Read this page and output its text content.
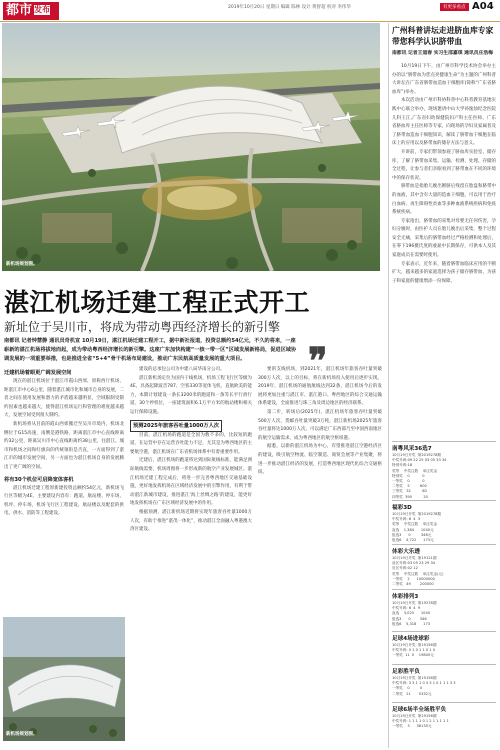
都市 发布	2019年10月20日 星期日 编辑 陈林 设计 黄智超 校对 李伟华	有更多看点 A04
新机场规划图。
湛江机场迁建工程正式开工
新址位于吴川市，将成为带动粤西经济增长的新引擎
南都讯 记者钟慧静 通讯员奇机宣 10月19日，湛江机场迁建工程开工，据中新社报道，投资总额约54亿元，不久的将来，一座崭新的湛江机场将拔地而起，成为带动粤西经济增长的新引擎。这座广东加快构建“一核一带一区”区域发展新格局，促进区域协调发展的一项重要举措，也是推进全省“5+4”骨干机场布局建设，推动广东民航高质量发展的重大项目。	❞

迁建机场着眼更广阔发展空间

现在的湛江机场位于湛江市霞山西郊，原称西厅机场，距湛江市中心6公里，随着湛江城市化和城市自身的发展，二者之间在使用发展和潜力的矛盾越来越明显，空域限制受制约因素也越来越大，使得湛江机场运行和管理的难度越来越大，发展空间受到很大制约。

新机场将从目前的霞山西郊搬迁至吴川市境内，机场北侧位于G15高速，南侧是港铁路，距离湛江市中心直线距离约32公里，距离吴川市中心直线距离约38公里，往湛江、城市和机场之间和红旗向的传统领衔是否直，一方面得到了湛江市的城市发展空间，另一方面也为湛江机场自身的发展腾出了更广阔的空间。

将有30个机位可启降宽体客机

湛江机场迁建工程原新建投资总额约54亿元，新机场飞行区等级为4E，主要建设内容有：跑道、航站楼、停车场、机坪、停车场，机场飞行区工程建设，航站楼以及配套的供电、供水、消防等工程建设。

新机场规划图。

建设的总承包公司为中建八局华南分公司。

湛江新机场定位为国内干线机场，机场工程飞行区等级为4E，具备起降波音787、空客330等宽体飞机，直航欧美的能力，本期计划建设一条长3200米的跑道和一条等长平行滑行道，30个停机位，一座建筑面积6.1万平方米的航站楼和相关运行保障设施。

预测2025年旅客吞吐量1000万人次

目前，湛江机场的跑道是全国为数不多的，比较短的跑道，在运营中存在运营吞吐能力不足，尤其是为粤西地区的主要航空港，湛江机场在广东省机场体系中有着重要作用。

迁建后，湛江机场的跑道将达到国际航线标准，能满足洲际航线需要，机场周围将一步形成新的航空产业发展城区。湛江机场迁建工程完成后，将进一步完善粤西地区交通基础设施，更好地发挥机场在区域经济发展中的引擎作用，有利于带动湛江新城市建设，推进湛江‘海上丝绸之路’的建设，能更好地发挥机场在广东区域经济发展中的作用。

根据预测，湛江新机场近期将实现年旅客吞吐量1000万人次，有助于推进“湛茂一体化”，推动湛江全面融入粤港澳大湾区建设。

要的支线机场，到2021年，湛江机场年旅客吞吐量突破300万人次，以上的目标，将在新机场投入使用后逐步实现。2019年，湛江机场的通航航线达到32条，湛江机场今后的发展将更加注重与湛江市、湛江港口、粤西地区的综合交通运输体系建设，全面推进与珠三角及周边地区的经济联系。

第二步，转场后(2025年)，湛江机场年旅客吞吐量突破500万人次，货邮吞吐量突破3万吨，湛江新机场2025年旅客吞吐量将达1000万人次，可以满足广东西部乃至中国西南地区的航空运输需求，成为粤西地区的航空枢纽港。

据悉，以新的湛江机场为中心，有望推进湛江空港经济区的建设，吸引航空物流、临空制造、商贸会展等产业集聚，将进一步推动湛江经济的发展，打造粤西地区现代化综合交通枢纽。

广州科普讲坛走进脐血库专家带您科学认识脐带血
南都讯 记者王道春 实习生邵嘉琪 通讯员庄浩梅

10月19日下午，由广州市科学技术协会举办主办的以“脐带血为您点亮健康生命”为主题的广州科普大讲坛在广东省脐带血造血干细胞库(简称“广东省脐血库”)举办。

本次活动由广州市科协科普中心科普教育基地实践中心联合举办，现场邀请中山大学孙逸仙纪念医院儿科王江,广东省妇幼保健院妇产科主任医师、广东省脐血库主任医师等专家，向现场的孕妇及家属普及了脐带血造血干细胞知识，解读了脐带血干细胞在临床上的应用以及脐带血的储存方法与意义。

开讲前，专家们带领参观了脐血库实验室、储存库，了解了脐带血采集、运输、检测、处理、存储的全过程，让参与者们亲眼看到了脐带血在不同的环境中的保存状况。

脐带血是指胎儿娩出断脐后残留在胎盘和脐带中的血液，其中含有大量的造血干细胞，可以用于治疗白血病、再生障碍性贫血等多种血液系统疾病和免疫系统疾病。

专家指出，脐带血的采集对母婴无任何伤害，孕妇分娩时，由医护人员在胎儿娩出后采集，整个过程安全无痛，采集后的脐带血经过严格检测和处理后，在零下196摄氏度的液氮中长期保存，可供本人及其家庭成员在需要时使用。

专家表示，近年来，随着脐带血临床应用的不断扩大，越来越多的家庭选择为孩子储存脐带血，为孩子和家庭的健康增添一份保障。

南粤风采36选7
10月19日开奖  第2019278期
中奖号码:09 22 25 03 05 33 34
特别号码:18
奖等    中奖注数    单注奖金
特别奖    0           0
一等奖    0           0
二等奖    5         600
三等奖   32          80
四等奖  390          20
福彩3D
10月19日开奖  第2019278期
中奖号码: 8  4  3
奖等    中奖注数    单注奖金
直选    1,384      1040元
组选3      0         346元
组选6    4,722      173元
体彩大乐透
10月19日开奖  第19121期
前区号码:03 05 23 29 34
后区号码:02 12
奖等    中奖注数    单注奖金(元)
一等奖    2      10000000
二等奖   49        200000
体彩排列3
10月19日开奖  第19278期
中奖号码: 6  4  9
直选    3,025      1040
组选3      0        346
组选6    5,318      173
足球4场进球彩
10月19日开奖  第19156期
中奖号码: 0 1 0 1 1 0 1 0
一等奖  11  0    19800元
足彩胜平负
10月19日开奖  第19158期
中奖号码: 3 3 1 1 0 3 3 1 0 1 1 1 3 3
一等奖    0         0
二等奖   21       5332元
足球6场半全场胜平负
10月19日开奖  第19156期
中奖号码: 1 1 1 1 0 1 2 1 1 1 1 1
一等奖    3      38135元
